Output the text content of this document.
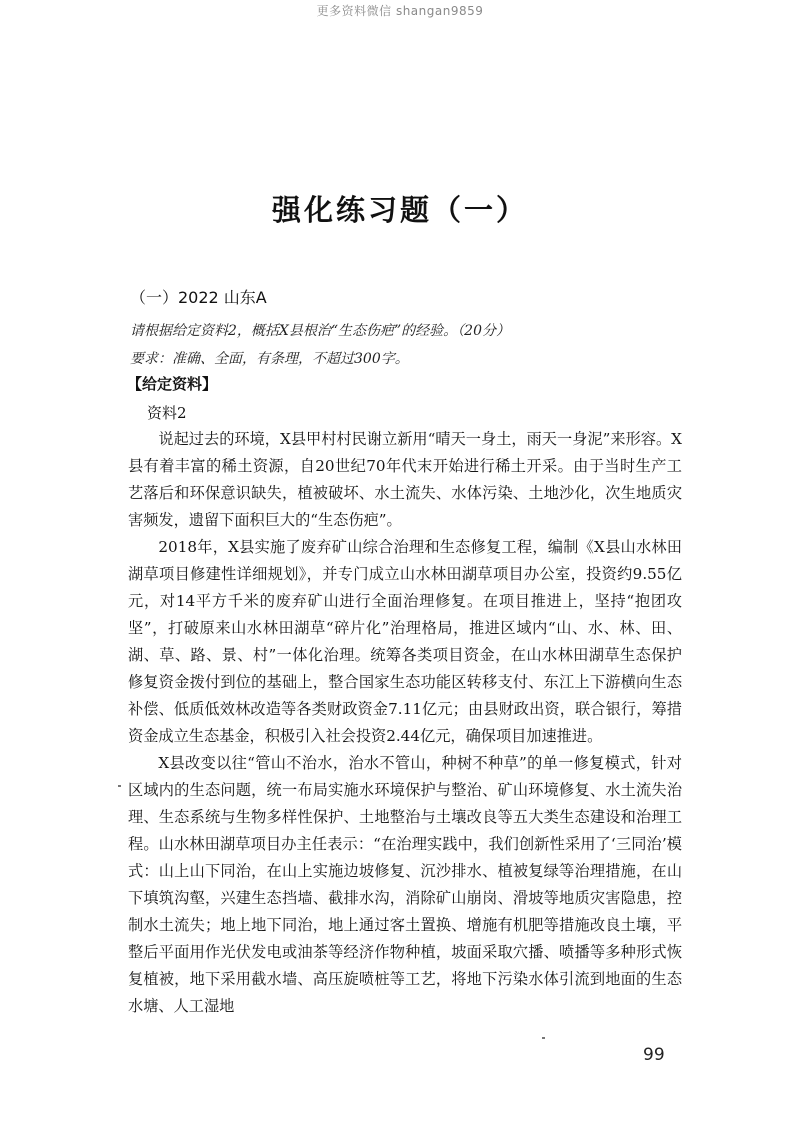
更多资料微信 shangan9859
强化练习题（一）
（一）2022 山东A
请根据给定资料2，概括X县根治“生态伤疤”的经验。（20分）
要求：准确、全面，有条理，不超过300字。
【给定资料】
资料2

说起过去的环境，X县甲村村民谢立新用“晴天一身土，雨天一身泥”来形容。X县有着丰富的稀土资源，自20世纪70年代末开始进行稀土开采。由于当时生产工艺落后和环保意识缺失，植被破坏、水土流失、水体污染、土地沙化，次生地质灾害频发，遗留下面积巨大的“生态伤疤”。

2018年，X县实施了废弃矿山综合治理和生态修复工程，编制《X县山水林田湖草项目修建性详细规划》，并专门成立山水林田湖草项目办公室，投资约9.55亿元，对14平方千米的废弃矿山进行全面治理修复。在项目推进上，坚持“抱团攻坚”，打破原来山水林田湖草“碎片化”治理格局，推进区域内“山、水、林、田、湖、草、路、景、村”一体化治理。统筹各类项目资金，在山水林田湖草生态保护修复资金拨付到位的基础上，整合国家生态功能区转移支付、东江上下游横向生态补偿、低质低效林改造等各类财政资金7.11亿元；由县财政出资，联合银行，筹措资金成立生态基金，积极引入社会投资2.44亿元，确保项目加速推进。

X县改变以往“管山不治水，治水不管山，种树不种草”的单一修复模式，针对区域内的生态问题，统一布局实施水环境保护与整治、矿山环境修复、水土流失治理、生态系统与生物多样性保护、土地整治与土壤改良等五大类生态建设和治理工程。山水林田湖草项目办主任表示：“在治理实践中，我们创新性采用了‘三同治’模式：山上山下同治，在山上实施边坡修复、沉沙排水、植被复绿等治理措施，在山下填筑沟壑，兴建生态挡墙、截排水沟，消除矿山崩岗、滑坡等地质灾害隐患，控制水土流失；地上地下同治，地上通过客土置换、增施有机肥等措施改良土壤，平整后平面用作光伏发电或油茶等经济作物种植，坡面采取穴播、喷播等多种形式恢复植被，地下采用截水墙、高压旋喷桩等工艺，将地下污染水体引流到地面的生态水塘、人工湿地

99
